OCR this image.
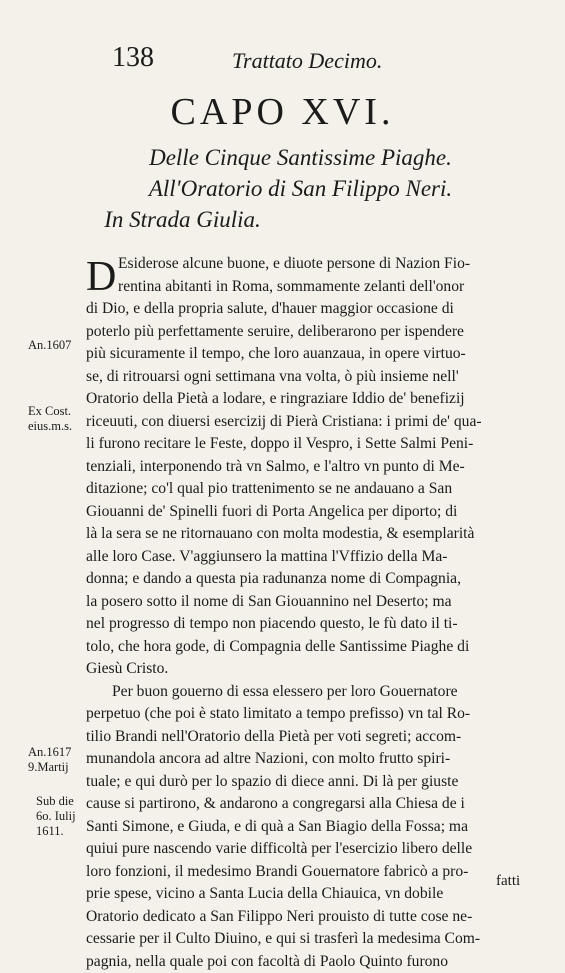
138	Trattato Decimo.
CAPO XVI.
Delle Cinque Santissime Piaghe.
All'Oratorio di San Filippo Neri.
In Strada Giulia.
D Esiderose alcune buone, e diuote persone di Nazion Fio-
rentina abitanti in Roma, sommamente zelanti dell'onor
di Dio, e della propria salute, d'hauer maggior occasione di
poterlo più perfettamente seruire, deliberarono per ispendere
più sicuramente il tempo, che loro auanzaua, in opere virtuo-
se, di ritrouarsi ogni settimana vna volta, ò più insieme nell'
Oratorio della Pietà a lodare, e ringraziare Iddio de' benefizij
riceuuti, con diuersi esercizij di Pierà Cristiana: i primi de' qua-
li furono recitare le Feste, doppo il Vespro, i Sette Salmi Peni-
tenziali, interponendo trà vn Salmo, e l'altro vn punto di Me-
ditazione; co'l qual pio trattenimento se ne andauano a San
Giouanni de' Spinelli fuori di Porta Angelica per diporto; di
là la sera se ne ritornauano con molta modestia, & esemplarità
alle loro Case. V'aggiunsero la mattina l'Vffizio della Ma-
donna; e dando a questa pia radunanza nome di Compagnia,
la posero sotto il nome di San Giouannino nel Deserto; ma
nel progresso di tempo non piacendo questo, le fù dato il ti-
tolo, che hora gode, di Compagnia delle Santissime Piaghe di
Giesù Cristo.
Per buon gouerno di essa elessero per loro Gouernatore
perpetuo (che poi è stato limitato a tempo prefisso) vn tal Ro-
tilio Brandi nell'Oratorio della Pietà per voti segreti; accom-
munandola ancora ad altre Nazioni, con molto frutto spiri-
tuale; e qui durò per lo spazio di diece anni. Di là per giuste
cause si partirono, & andarono a congregarsi alla Chiesa de i
Santi Simone, e Giuda, e di quà a San Biagio della Fossa; ma
quiui pure nascendo varie difficoltà per l'esercizio libero delle
loro fonzioni, il medesimo Brandi Gouernatore fabricò a pro-
prie spese, vicino a Santa Lucia della Chiauica, vn dobile
Oratorio dedicato a San Filippo Neri prouisto di tutte cose ne-
cessarie per il Culto Diuino, e qui si trasferì la medesima Com-
pagnia, nella quale poi con facoltà di Paolo Quinto furono
An.1607
Ex Cost.
eius.m.s.
An.1617
9.Martij
Sub die
6o. Iulij
1611.
fatti
